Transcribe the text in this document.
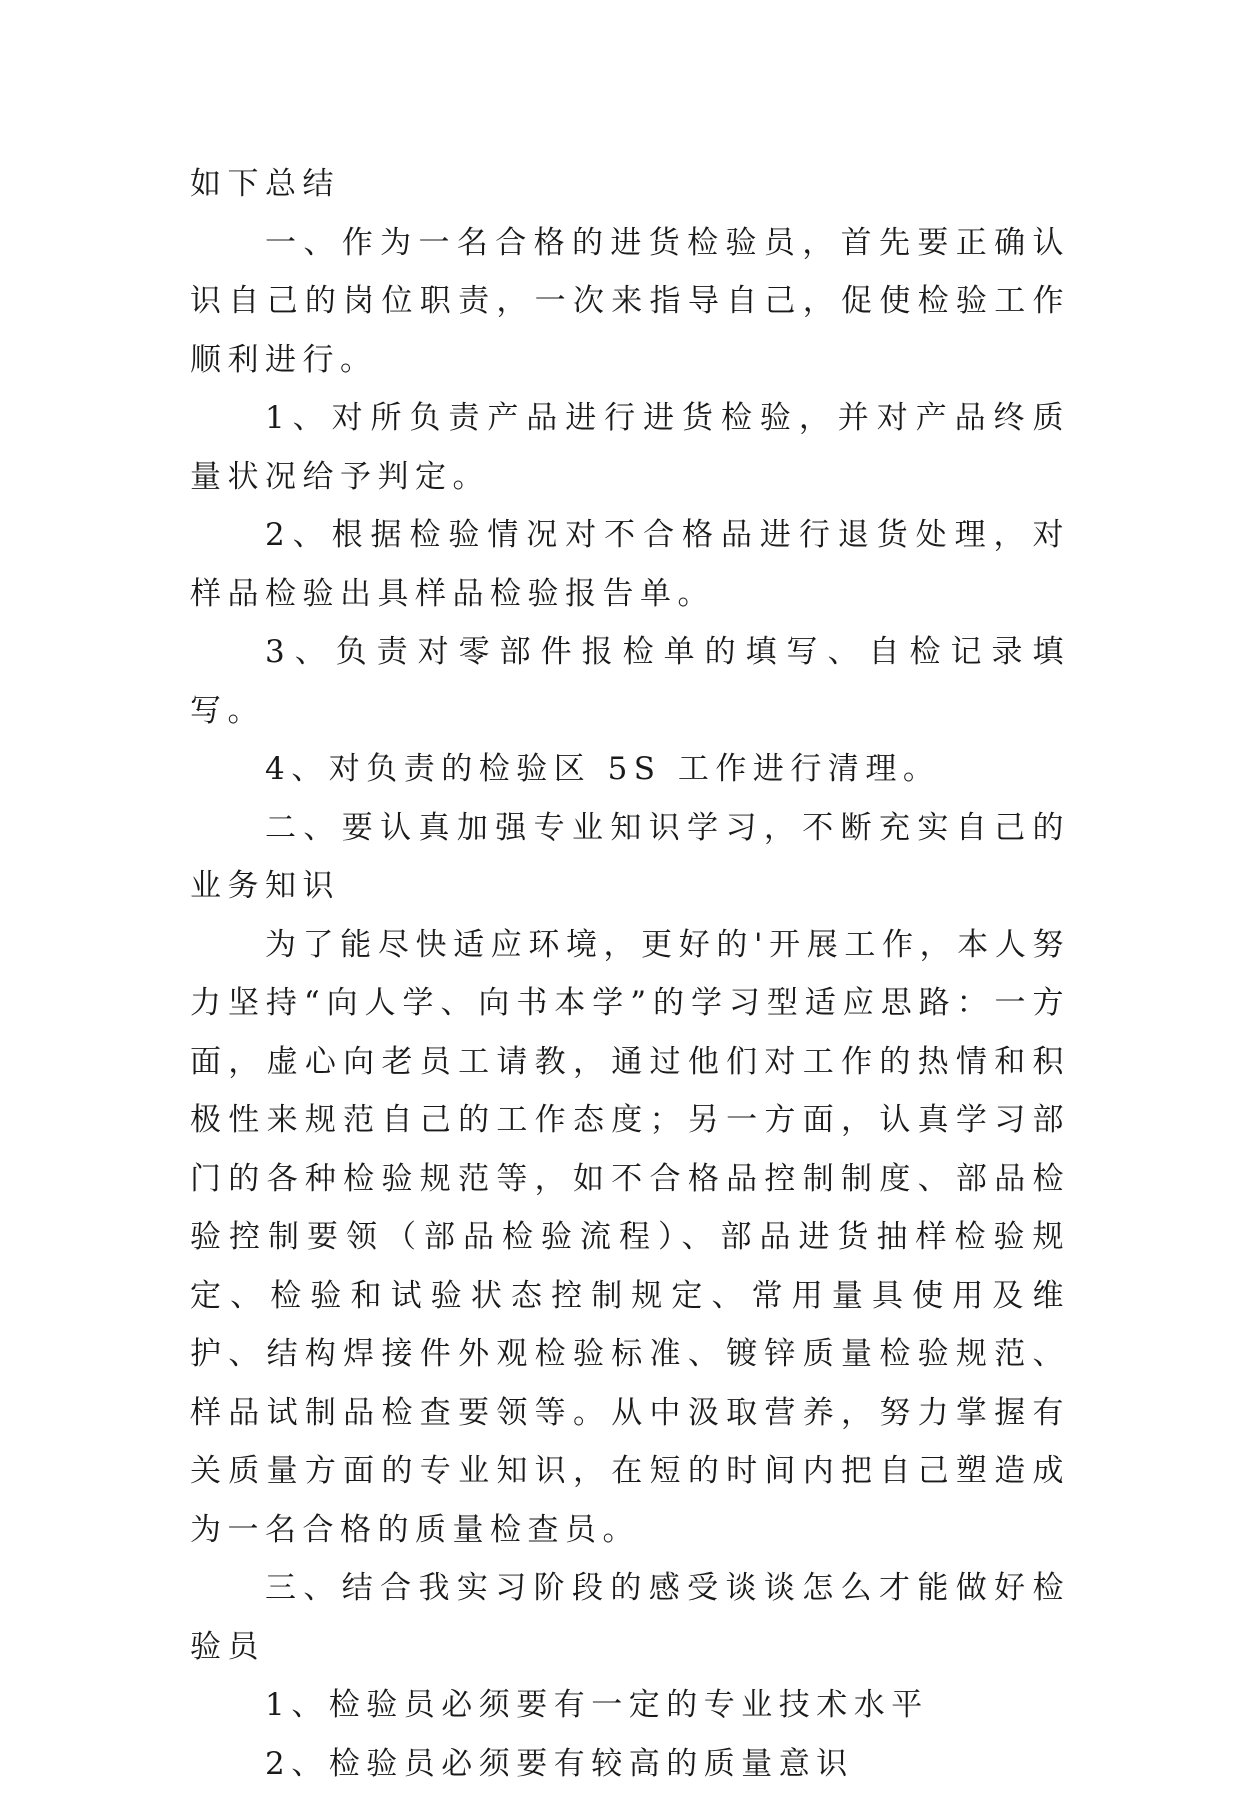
如下总结

一、作为一名合格的进货检验员，首先要正确认识自己的岗位职责，一次来指导自己，促使检验工作顺利进行。

1、对所负责产品进行进货检验，并对产品终质量状况给予判定。

2、根据检验情况对不合格品进行退货处理，对样品检验出具样品检验报告单。

3、负责对零部件报检单的填写、自检记录填写。

4、对负责的检验区 5S 工作进行清理。

二、要认真加强专业知识学习，不断充实自己的业务知识

为了能尽快适应环境，更好的'开展工作，本人努力坚持“向人学、向书本学”的学习型适应思路：一方面，虚心向老员工请教，通过他们对工作的热情和积极性来规范自己的工作态度；另一方面，认真学习部门的各种检验规范等，如不合格品控制制度、部品检验控制要领（部品检验流程）、部品进货抽样检验规定、检验和试验状态控制规定、常用量具使用及维护、结构焊接件外观检验标准、镀锌质量检验规范、样品试制品检查要领等。从中汲取营养，努力掌握有关质量方面的专业知识，在短的时间内把自己塑造成为一名合格的质量检查员。

三、结合我实习阶段的感受谈谈怎么才能做好检验员

1、检验员必须要有一定的专业技术水平

2、检验员必须要有较高的质量意识
